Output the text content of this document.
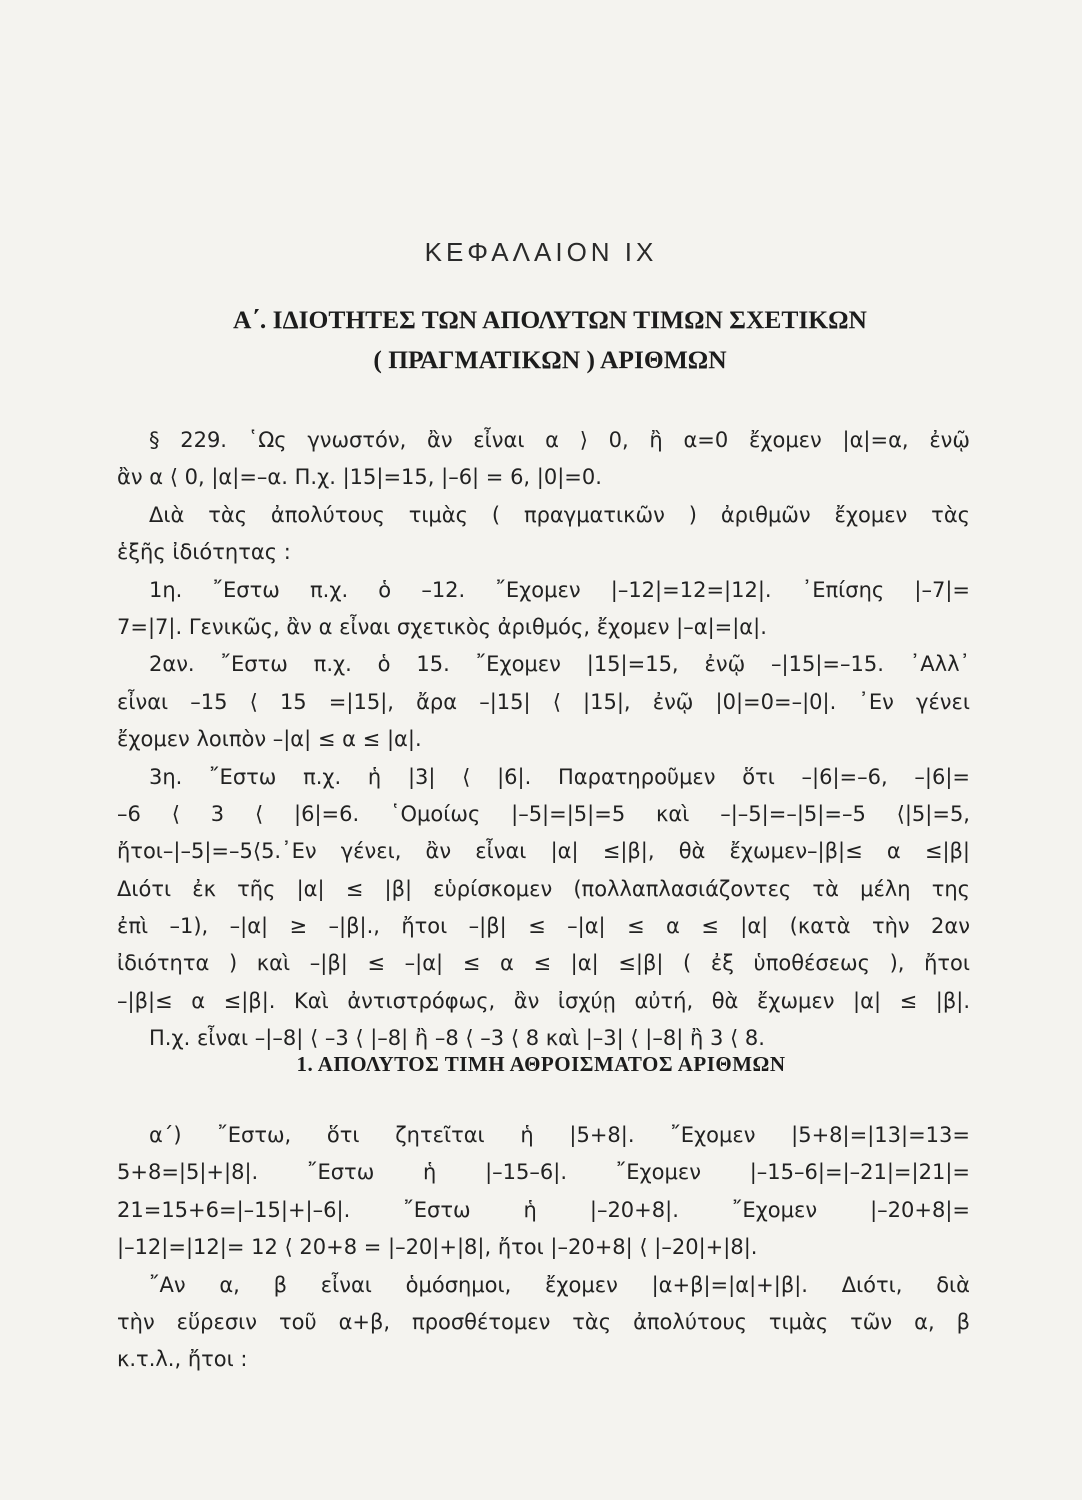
ΚΕΦΑΛΑΙΟΝ ΙΧ
Α΄. ΙΔΙΟΤΗΤΕΣ ΤΩΝ ΑΠΟΛΥΤΩΝ ΤΙΜΩΝ ΣΧΕΤΙΚΩΝ
( ΠΡΑΓΜΑΤΙΚΩΝ ) ΑΡΙΘΜΩΝ
§ 229. ῾Ως γνωστόν, ἂν εἶναι α ⟩ 0, ἢ α=0 ἔχομεν |α|=α, ἐνῷ
ἂν α ⟨ 0, |α|=–α. Π.χ. |15|=15, |–6| = 6, |0|=0.
Διὰ τὰς ἀπολύτους τιμὰς ( πραγματικῶν ) ἀριθμῶν ἔχομεν τὰς
ἑξῆς ἰδιότητας :
1η. ῎Εστω π.χ. ὁ –12. ῎Εχομεν |–12|=12=|12|. ᾿Επίσης |–7|=
7=|7|. Γενικῶς, ἂν α εἶναι σχετικὸς ἀριθμός, ἔχομεν |–α|=|α|.
2αν. ῎Εστω π.χ. ὁ 15. ῎Εχομεν |15|=15, ἐνῷ –|15|=–15. ᾿Αλλ᾿
εἶναι –15 ⟨ 15 =|15|, ἄρα –|15| ⟨ |15|, ἐνῷ |0|=0=–|0|. ᾿Εν γένει
ἔχομεν λοιπὸν –|α| ≤ α ≤ |α|.
3η. ῎Εστω π.χ. ἡ |3| ⟨ |6|. Παρατηροῦμεν ὅτι –|6|=–6, –|6|=
–6 ⟨ 3 ⟨ |6|=6. ῾Ομοίως |–5|=|5|=5 καὶ –|–5|=–|5|=–5 ⟨|5|=5,
ἤτοι–|–5|=–5⟨5.᾿Εν γένει, ἂν εἶναι |α| ≤|β|, θὰ ἔχωμεν–|β|≤ α ≤|β|
Διότι ἐκ τῆς |α| ≤ |β| εὑρίσκομεν (πολλαπλασιάζοντες τὰ μέλη της
ἐπὶ –1), –|α| ≥ –|β|., ἤτοι –|β| ≤ –|α| ≤ α ≤ |α| (κατὰ τὴν 2αν
ἰδιότητα ) καὶ –|β| ≤ –|α| ≤ α ≤ |α| ≤|β| ( ἐξ ὑποθέσεως ), ἤτοι
–|β|≤ α ≤|β|. Καὶ ἀντιστρόφως, ἂν ἰσχύῃ αὐτή, θὰ ἔχωμεν |α| ≤ |β|.
Π.χ. εἶναι –|–8| ⟨ –3 ⟨ |–8| ἢ –8 ⟨ –3 ⟨ 8 καὶ |–3| ⟨ |–8| ἢ 3 ⟨ 8.
1. ΑΠΟΛΥΤΟΣ ΤΙΜΗ ΑΘΡΟΙΣΜΑΤΟΣ ΑΡΙΘΜΩΝ
α΄) ῎Εστω, ὅτι ζητεῖται ἡ |5+8|. ῎Εχομεν |5+8|=|13|=13=
5+8=|5|+|8|. ῎Εστω ἡ |–15–6|. ῎Εχομεν |–15–6|=|–21|=|21|=
21=15+6=|–15|+|–6|. ῎Εστω ἡ |–20+8|. ῎Εχομεν |–20+8|=
|–12|=|12|= 12 ⟨ 20+8 = |–20|+|8|, ἤτοι |–20+8| ⟨ |–20|+|8|.
῎Αν α, β εἶναι ὁμόσημοι, ἔχομεν |α+β|=|α|+|β|. Διότι, διὰ
τὴν εὕρεσιν τοῦ α+β, προσθέτομεν τὰς ἀπολύτους τιμὰς τῶν α, β
κ.τ.λ., ἤτοι :
